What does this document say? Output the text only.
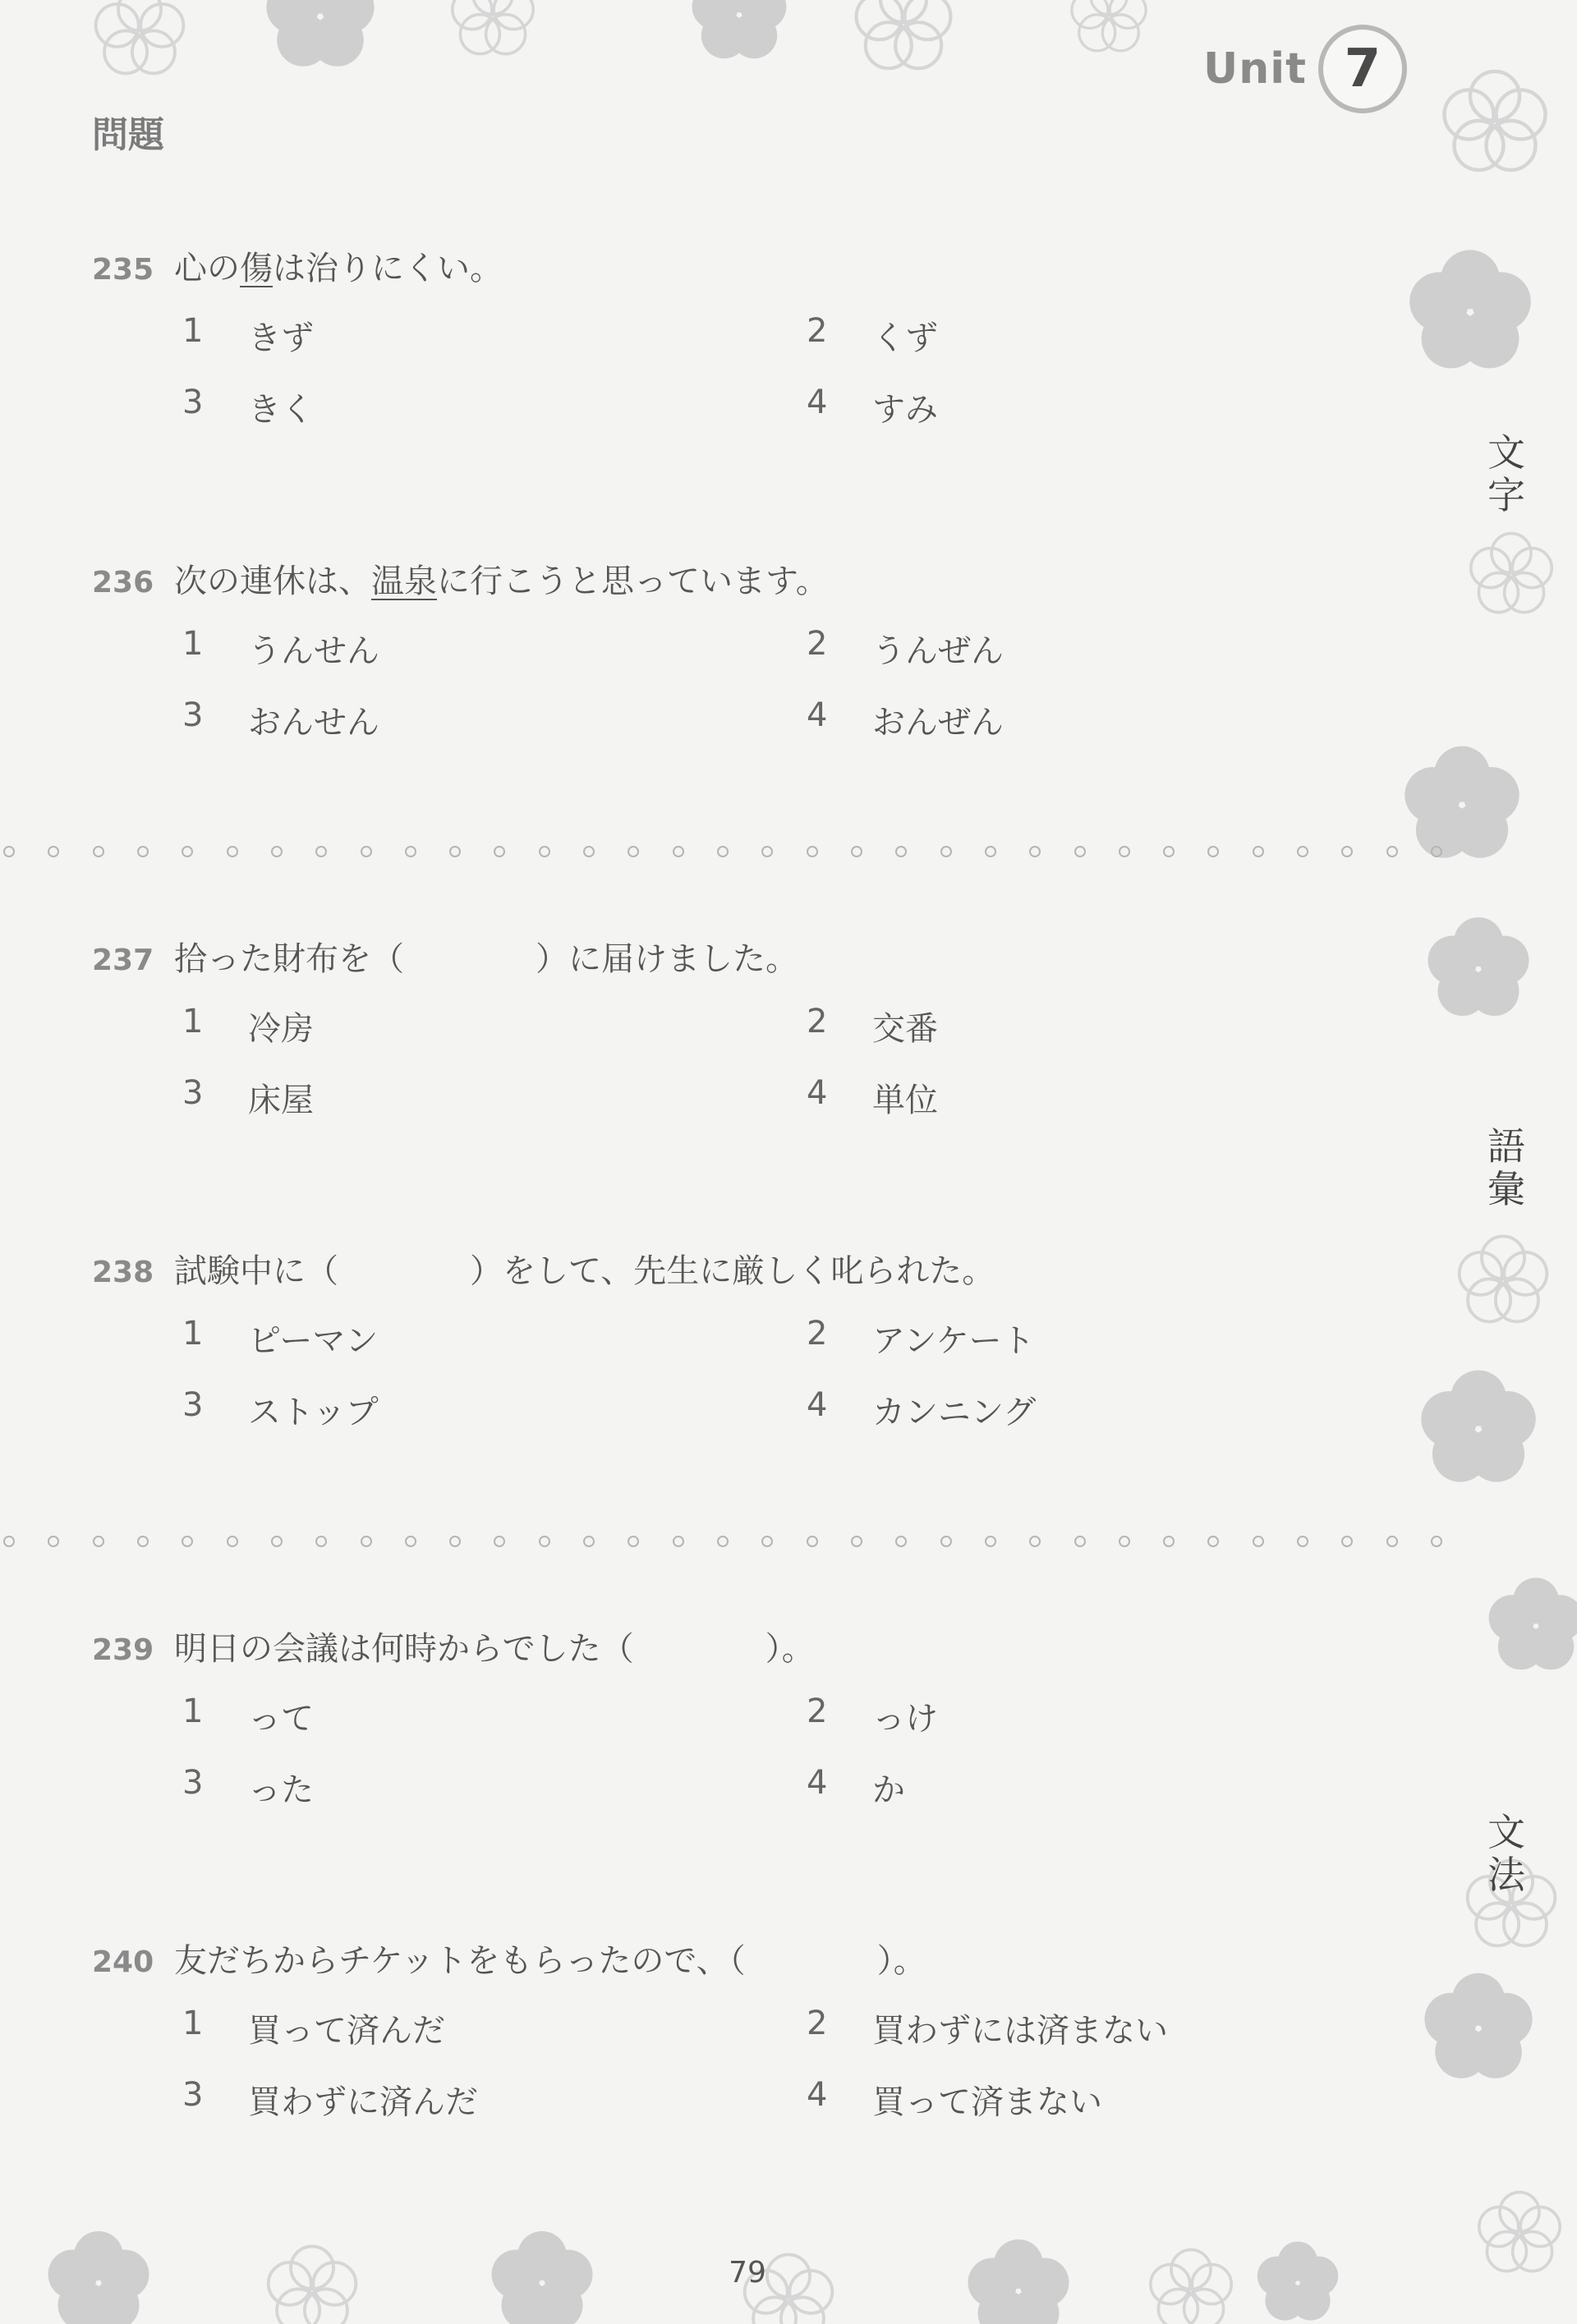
Unit 7
問題
235 心の 傷 は治りにくい。
1	きず	2	くず
3	きく	4	すみ
236 次の連休は、 温泉 に行こうと思っています。
1	うんせん	2	うんぜん
3	おんせん	4	おんぜん
237 拾った財布を（　　　　）に届けました。
1	冷房	2	交番
3	床屋	4	単位
238 試験中に（　　　　）をして、先生に厳しく叱られた。
1	ピーマン	2	アンケート
3	ストップ	4	カンニング
239 明日の会議は何時からでした（　　　　）。
1	って	2	っけ
3	った	4	か
240 友だちからチケットをもらったので、（　　　　）。
1	買って済んだ	2	買わずには済まない
3	買わずに済んだ	4	買って済まない
文字
語彙
文法
79
